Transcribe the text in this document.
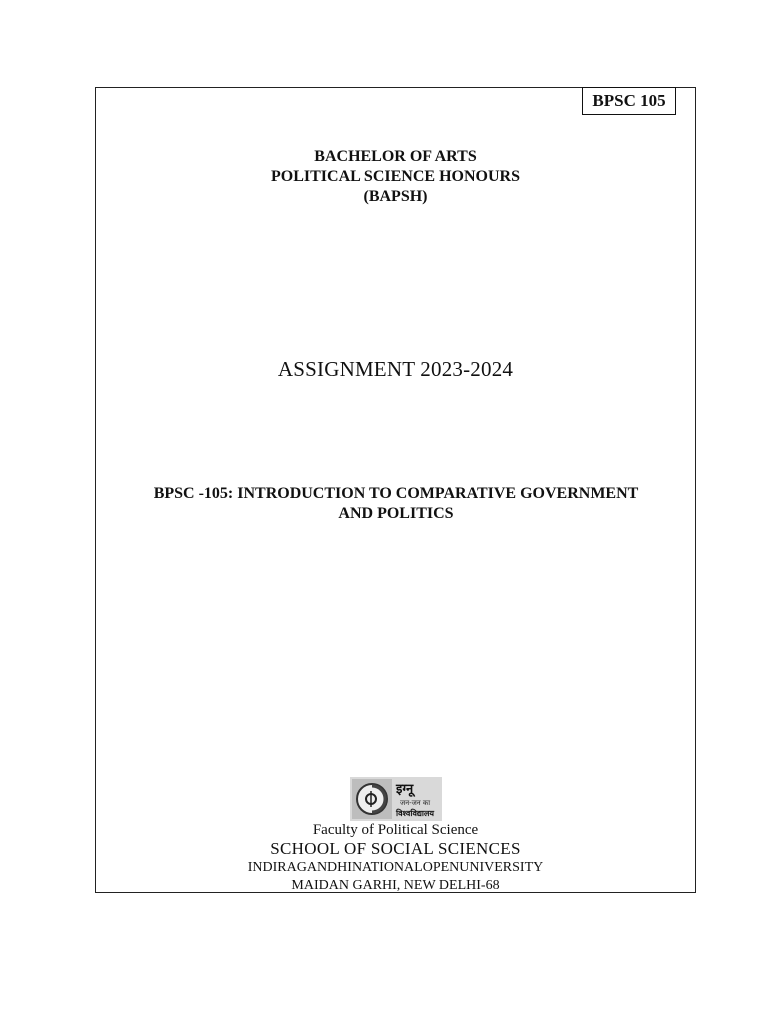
BPSC 105
BACHELOR OF ARTS
POLITICAL SCIENCE HONOURS
(BAPSH)
ASSIGNMENT 2023-2024
BPSC -105: INTRODUCTION TO COMPARATIVE GOVERNMENT
AND POLITICS
इग्नू
जन-जन का
विश्वविद्यालय
Faculty of Political Science
SCHOOL OF SOCIAL SCIENCES
INDIRAGANDHINATIONALOPENUNIVERSITY
MAIDAN GARHI, NEW DELHI-68
